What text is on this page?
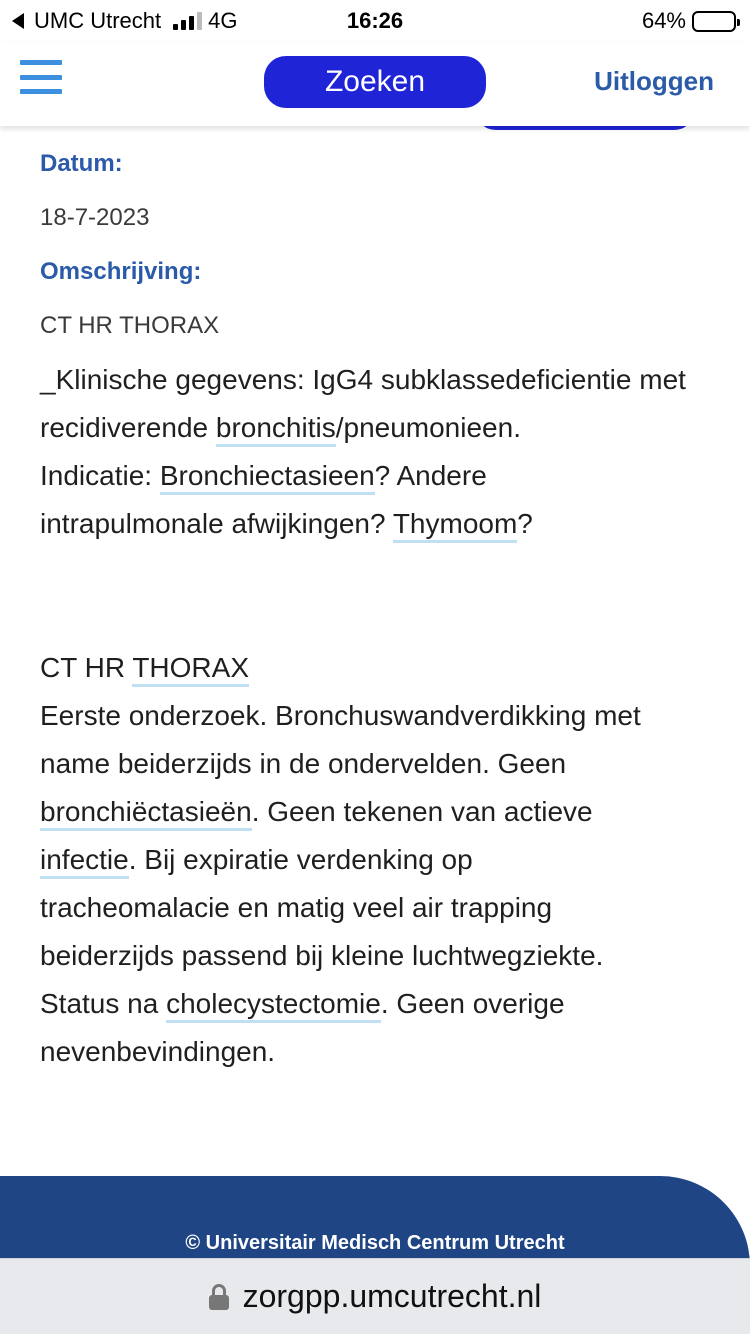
UMC Utrecht 4G	16:26	64%
Zoeken	Uitloggen
Datum:
18-7-2023
Omschrijving:
CT HR THORAX
_Klinische gegevens: IgG4 subklassedeficientie met
recidiverende bronchitis/pneumonieen.
Indicatie: Bronchiectasieen? Andere
intrapulmonale afwijkingen? Thymoom?
CT HR THORAX
Eerste onderzoek. Bronchuswandverdikking met
name beiderzijds in de ondervelden. Geen
bronchiëctasieën. Geen tekenen van actieve
infectie. Bij expiratie verdenking op
tracheomalacie en matig veel air trapping
beiderzijds passend bij kleine luchtwegziekte.
Status na cholecystectomie. Geen overige
nevenbevindingen.
© Universitair Medisch Centrum Utrecht
zorgpp.umcutrecht.nl
